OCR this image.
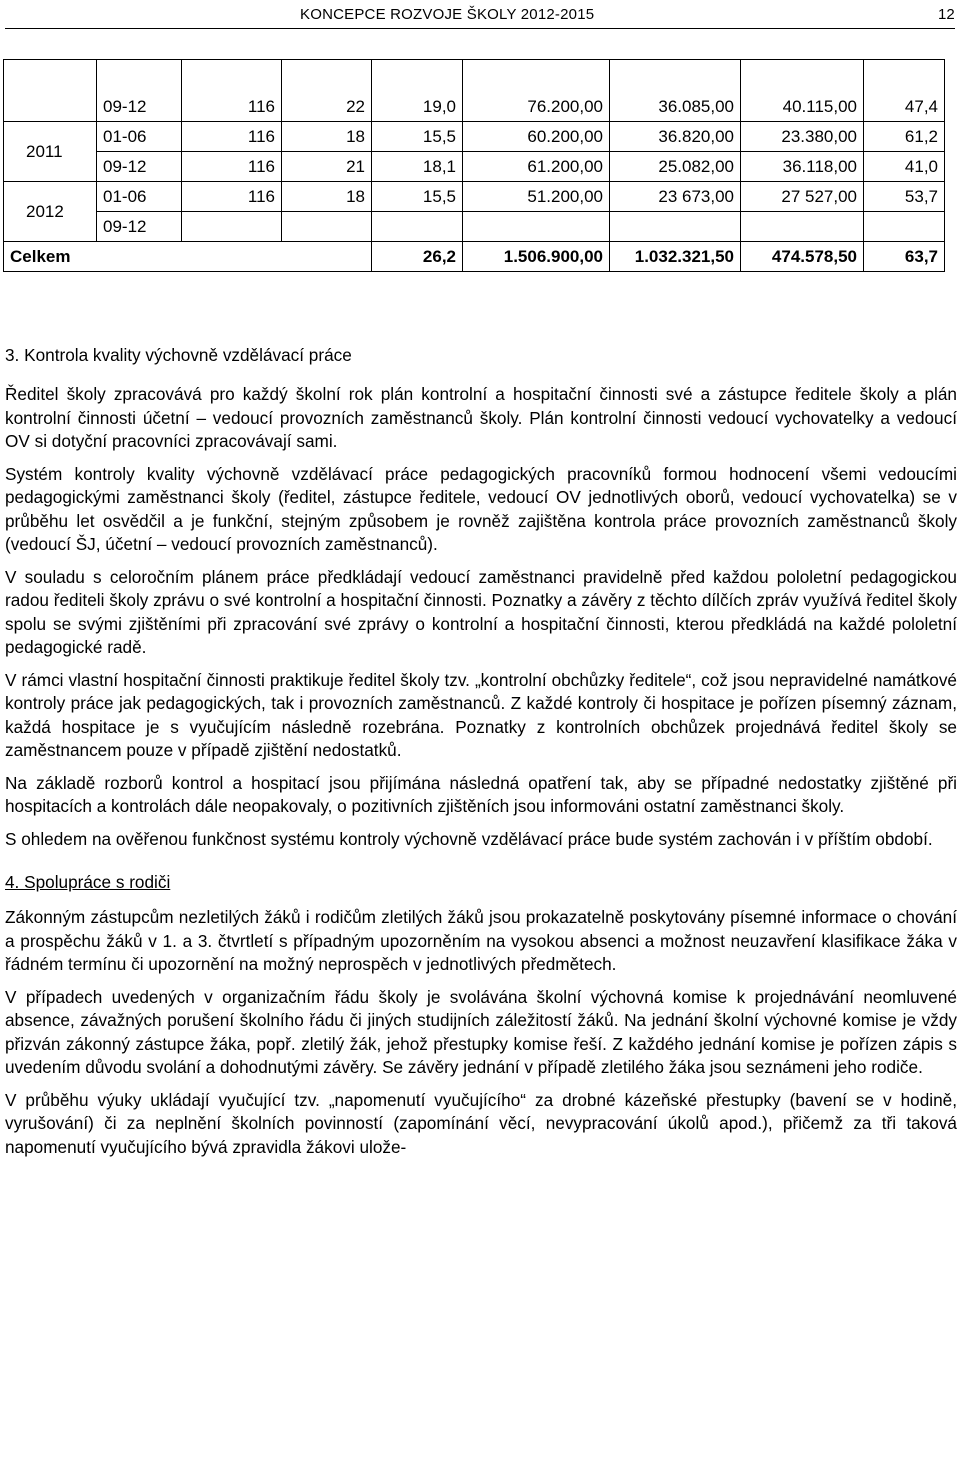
KONCEPCE ROZVOJE ŠKOLY 2012-2015	12
	09-12	116	22	19,0	76.200,00	36.085,00	40.115,00	47,4
2011	01-06	116	18	15,5	60.200,00	36.820,00	23.380,00	61,2
	09-12	116	21	18,1	61.200,00	25.082,00	36.118,00	41,0
2012	01-06	116	18	15,5	51.200,00	23 673,00	27 527,00	53,7
	09-12							
Celkem				26,2	1.506.900,00	1.032.321,50	474.578,50	63,7
3. Kontrola kvality výchovně vzdělávací práce

Ředitel školy zpracovává pro každý školní rok plán kontrolní a hospitační činnosti své a zástupce ředitele školy a plán kontrolní činnosti účetní – vedoucí provozních zaměstnanců školy. Plán kontrolní činnosti vedoucí vychovatelky a vedoucí OV si dotyční pracovníci zpracovávají sami.

Systém kontroly kvality výchovně vzdělávací práce pedagogických pracovníků formou hodnocení všemi vedoucími pedagogickými zaměstnanci školy (ředitel, zástupce ředitele, vedoucí OV jednotlivých oborů, vedoucí vychovatelka) se v průběhu let osvědčil a je funkční, stejným způsobem je rovněž zajištěna kontrola práce provozních zaměstnanců školy (vedoucí ŠJ, účetní – vedoucí provozních zaměstnanců).

V souladu s celoročním plánem práce předkládají vedoucí zaměstnanci pravidelně před každou pololetní pedagogickou radou řediteli školy zprávu o své kontrolní a hospitační činnosti. Poznatky a závěry z těchto dílčích zpráv využívá ředitel školy spolu se svými zjištěními při zpracování své zprávy o kontrolní a hospitační činnosti, kterou předkládá na každé pololetní pedagogické radě.

V rámci vlastní hospitační činnosti praktikuje ředitel školy tzv. „kontrolní obchůzky ředitele“, což jsou nepravidelné namátkové kontroly práce jak pedagogických, tak i provozních zaměstnanců. Z každé kontroly či hospitace je pořízen písemný záznam, každá hospitace je s vyučujícím následně rozebrána. Poznatky z kontrolních obchůzek projednává ředitel školy se zaměstnancem pouze v případě zjištění nedostatků.

Na základě rozborů kontrol a hospitací jsou přijímána následná opatření tak, aby se případné nedostatky zjištěné při hospitacích a kontrolách dále neopakovaly, o pozitivních zjištěních jsou informováni ostatní zaměstnanci školy.

S ohledem na ověřenou funkčnost systému kontroly výchovně vzdělávací práce bude systém zachován i v příštím období.

4. Spolupráce s rodiči

Zákonným zástupcům nezletilých žáků i rodičům zletilých žáků jsou prokazatelně poskytovány písemné informace o chování a prospěchu žáků v 1. a 3. čtvrtletí s případným upozorněním na vysokou absenci a možnost neuzavření klasifikace žáka v řádném termínu či upozornění na možný neprospěch v jednotlivých předmětech.

V případech uvedených v organizačním řádu školy je svolávána školní výchovná komise k projednávání neomluvené absence, závažných porušení školního řádu či jiných studijních záležitostí žáků. Na jednání školní výchovné komise je vždy přizván zákonný zástupce žáka, popř. zletilý žák, jehož přestupky komise řeší. Z každého jednání komise je pořízen zápis s uvedením důvodu svolání a dohodnutými závěry. Se závěry jednání v případě zletilého žáka jsou seznámeni jeho rodiče.

V průběhu výuky ukládají vyučující tzv. „napomenutí vyučujícího“ za drobné kázeňské přestupky (bavení se v hodině, vyrušování) či za neplnění školních povinností (zapomínání věcí, nevypracování úkolů apod.), přičemž za tři taková napomenutí vyučujícího bývá zpravidla žákovi ulože-
